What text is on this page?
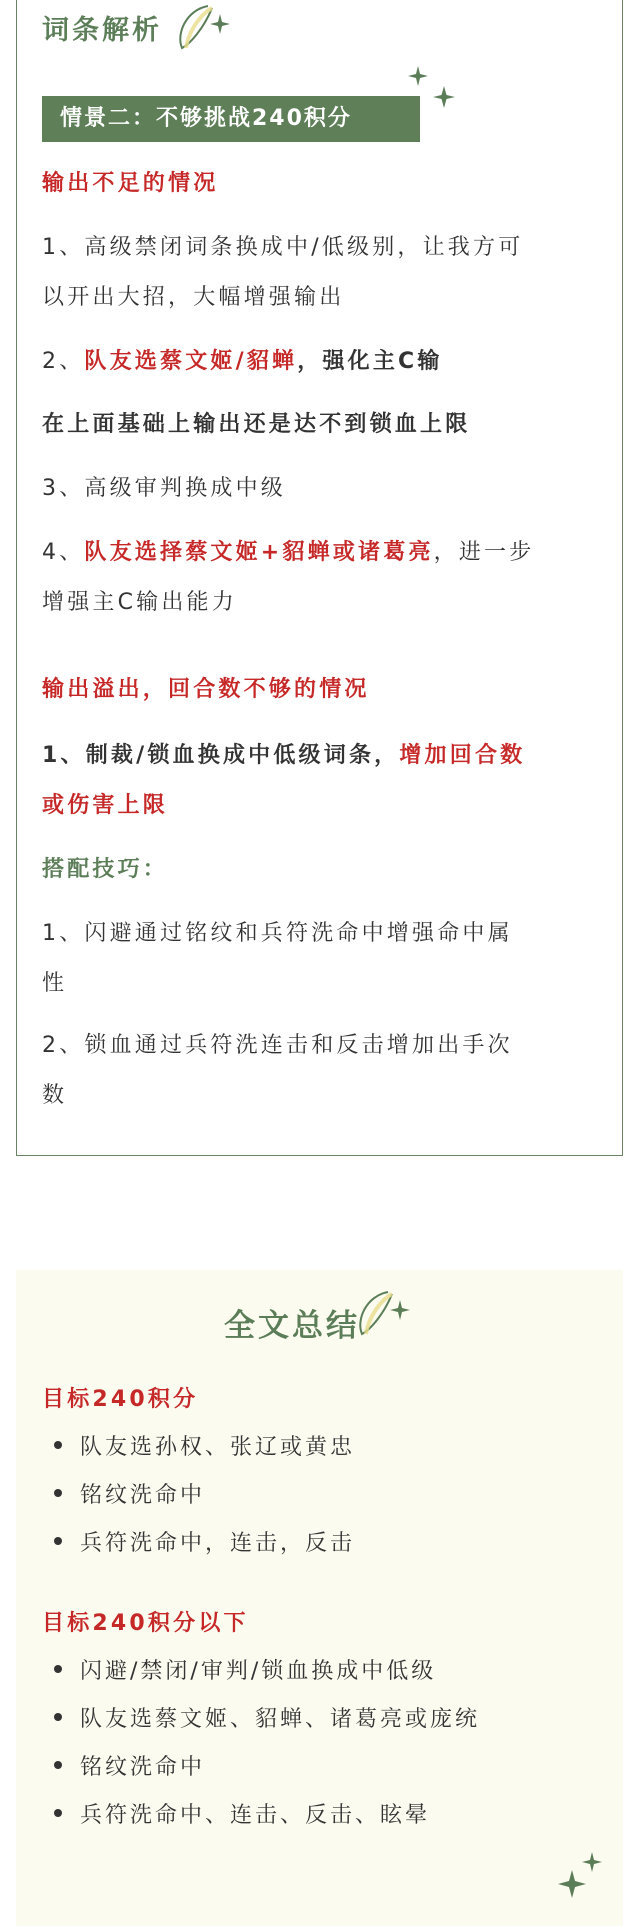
词条解析
情景二：不够挑战240积分
输出不足的情况
1、高级禁闭词条换成中/低级别，让我方可
以开出大招，大幅增强输出
2、队友选蔡文姬/貂蝉，强化主C输
在上面基础上输出还是达不到锁血上限
3、高级审判换成中级
4、队友选择蔡文姬+貂蝉或诸葛亮，进一步
增强主C输出能力
输出溢出，回合数不够的情况
1、制裁/锁血换成中低级词条，增加回合数
或伤害上限
搭配技巧：
1、闪避通过铭纹和兵符洗命中增强命中属
性
2、锁血通过兵符洗连击和反击增加出手次
数
全文总结
目标240积分
队友选孙权、张辽或黄忠
铭纹洗命中
兵符洗命中，连击，反击
目标240积分以下
闪避/禁闭/审判/锁血换成中低级
队友选蔡文姬、貂蝉、诸葛亮或庞统
铭纹洗命中
兵符洗命中、连击、反击、眩晕
